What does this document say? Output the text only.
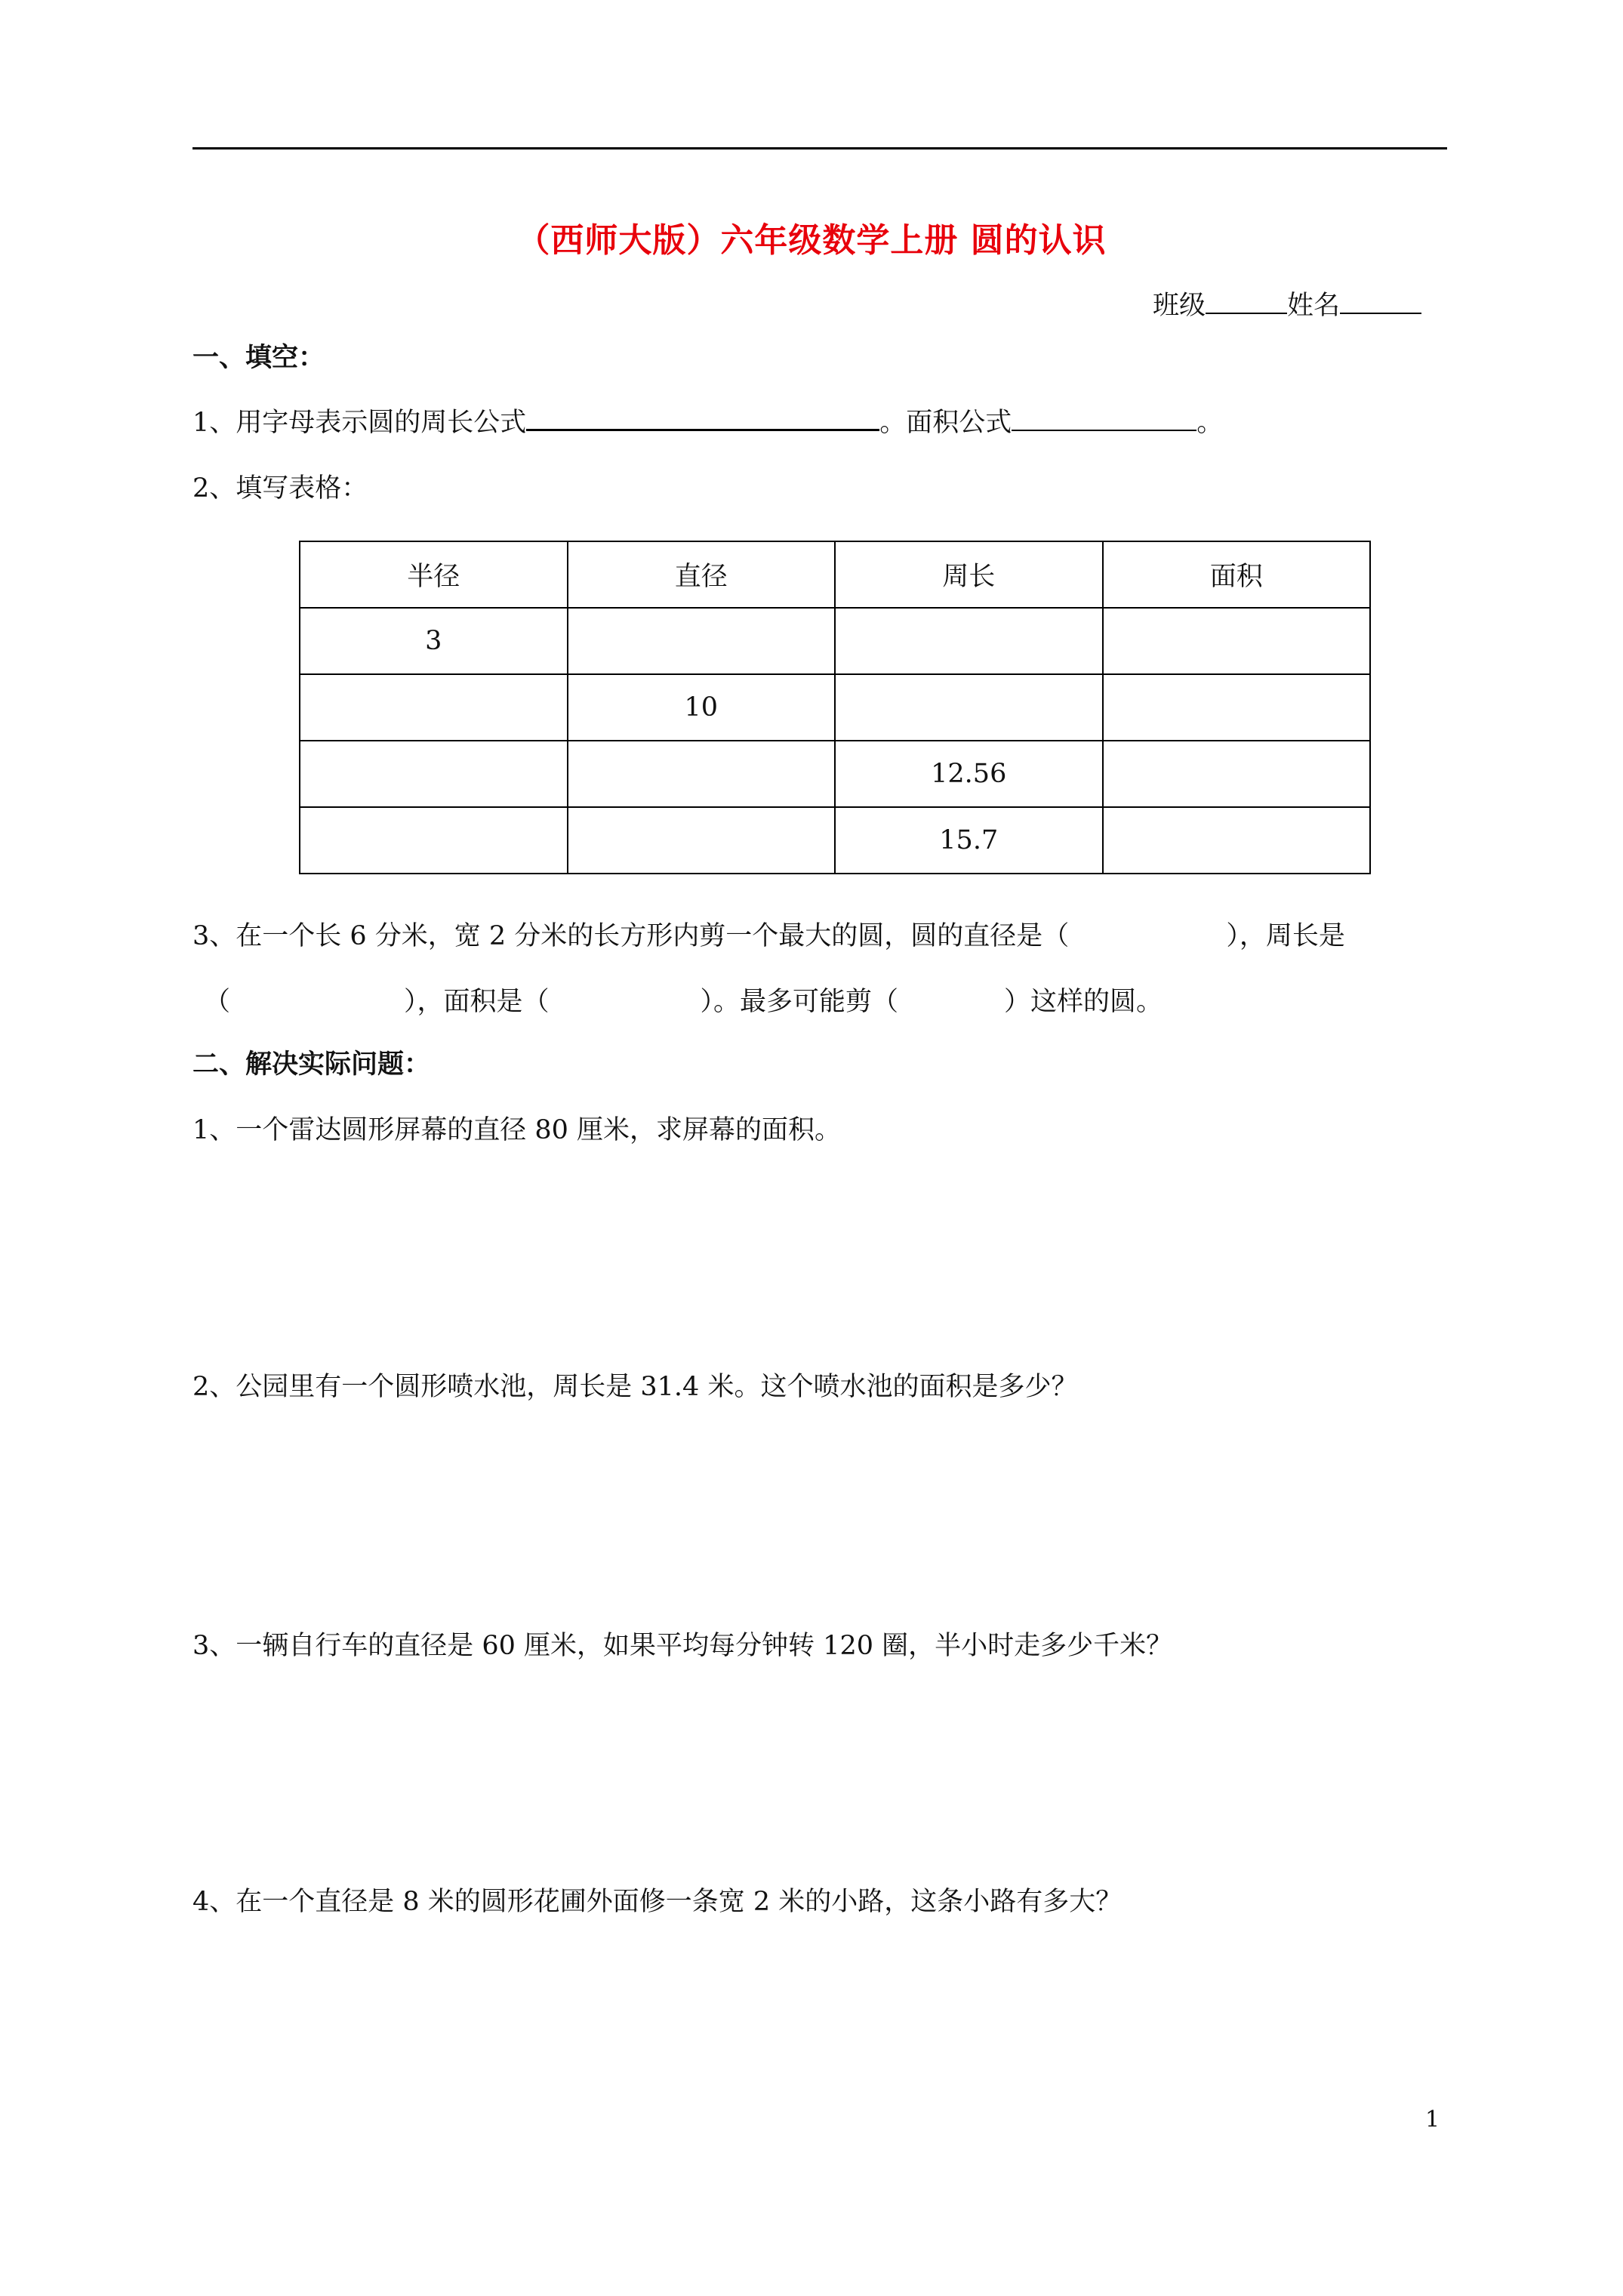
（西师大版）六年级数学上册 圆的认识
班级	姓名
一、填空：
1、用字母表示圆的周长公式	。面积公式	。
2、填写表格：
半径	直径	周长	面积
3			
	10		
		12.56	
		15.7	
3、在一个长 6 分米，宽 2 分米的长方形内剪一个最大的圆，圆的直径是（	），周长是
（	），面积是（	）。最多可能剪（	）这样的圆。
二、解决实际问题：
1、一个雷达圆形屏幕的直径 80 厘米，求屏幕的面积。
2、公园里有一个圆形喷水池，周长是 31.4 米。这个喷水池的面积是多少？
3、一辆自行车的直径是 60 厘米，如果平均每分钟转 120 圈，半小时走多少千米？
4、在一个直径是 8 米的圆形花圃外面修一条宽 2 米的小路，这条小路有多大？
1
